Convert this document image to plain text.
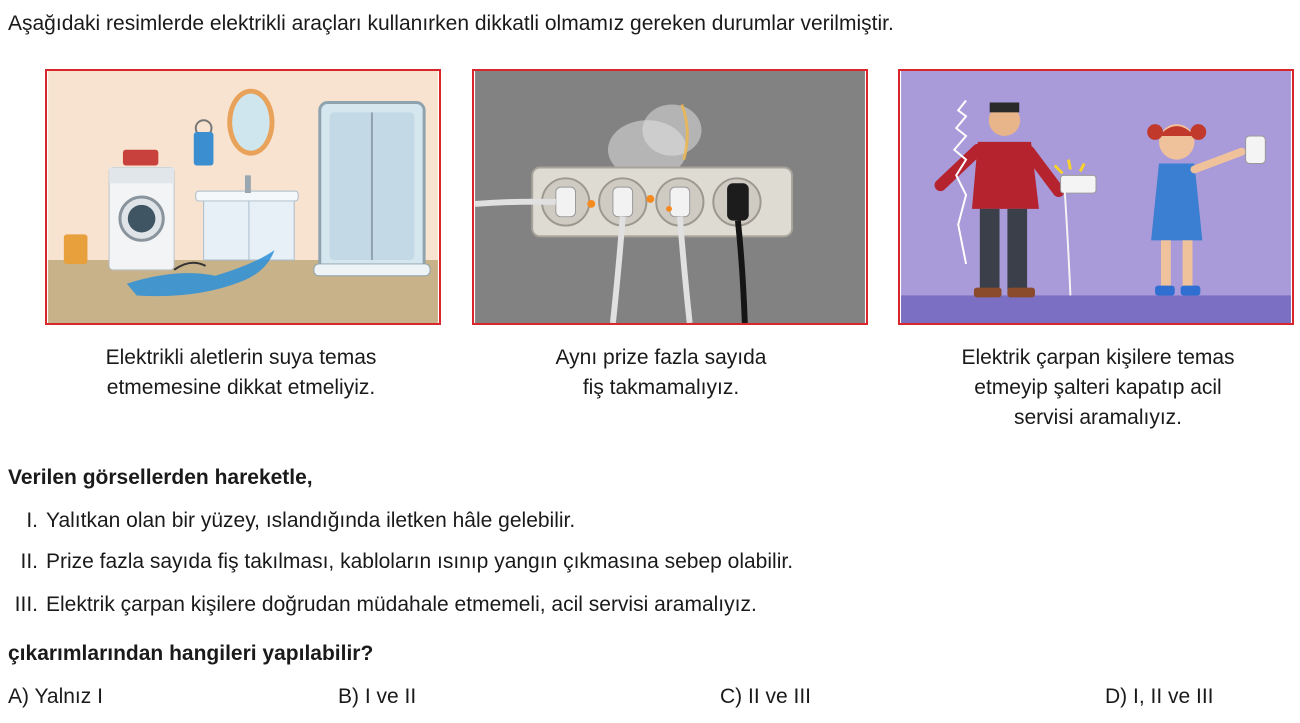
Aşağıdaki resimlerde elektrikli araçları kullanırken dikkatli olmamız gereken durumlar verilmiştir.
Elektrikli aletlerin suya temas
etmemesine dikkat etmeliyiz.
Aynı prize fazla sayıda
fiş takmamalıyız.
Elektrik çarpan kişilere temas
etmeyip şalteri kapatıp acil
servisi aramalıyız.
Verilen görsellerden hareketle,
I. Yalıtkan olan bir yüzey, ıslandığında iletken hâle gelebilir.
II. Prize fazla sayıda fiş takılması, kabloların ısınıp yangın çıkmasına sebep olabilir.
III. Elektrik çarpan kişilere doğrudan müdahale etmemeli, acil servisi aramalıyız.
çıkarımlarından hangileri yapılabilir?
A) Yalnız I	B) I ve II	C) II ve III	D) I, II ve III
